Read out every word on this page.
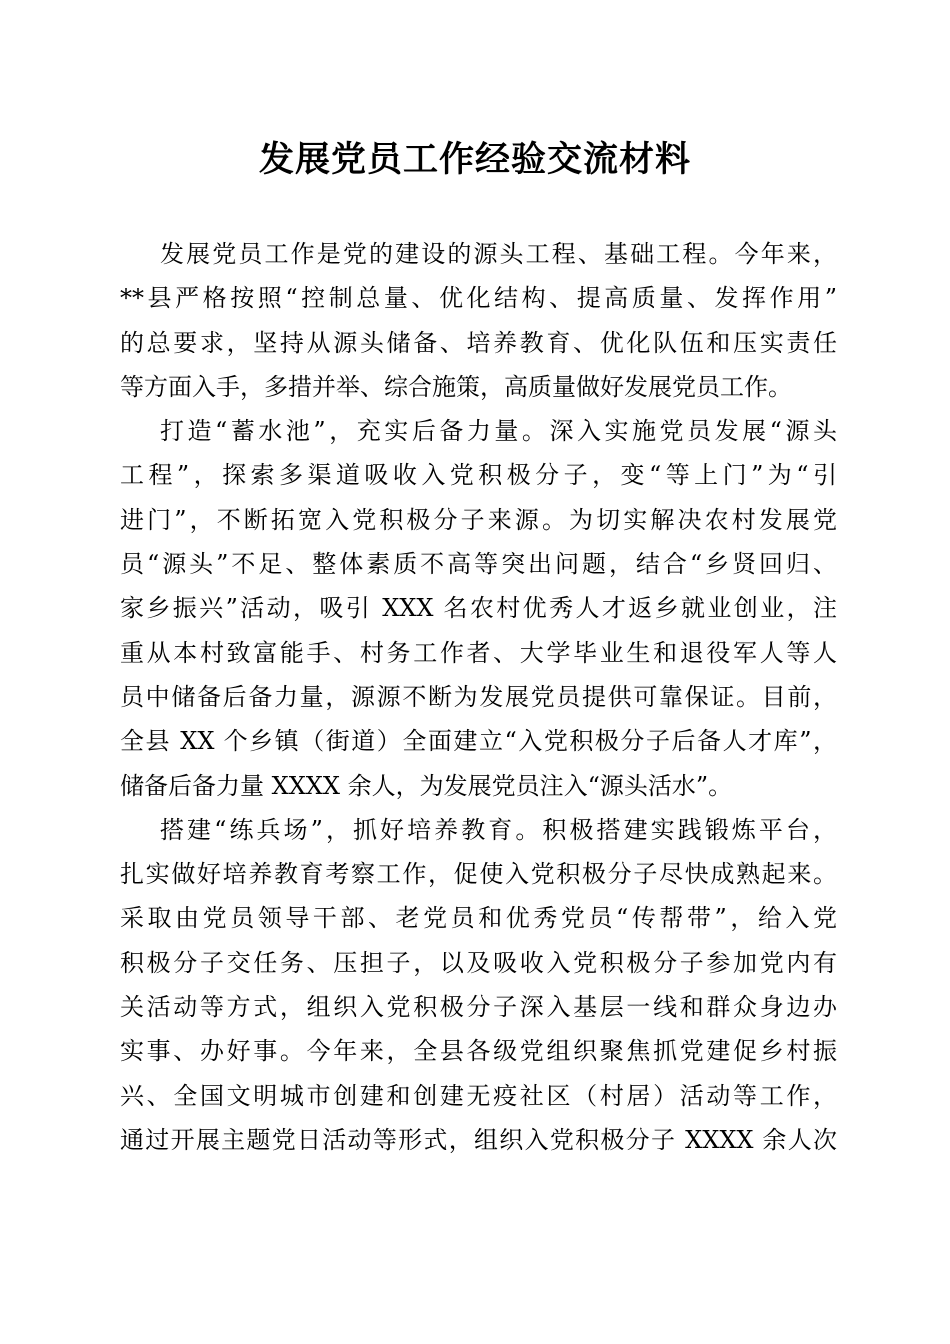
发展党员工作经验交流材料
发展党员工作是党的建设的源头工程、基础工程。今年来，
**县严格按照“控制总量、优化结构、提高质量、发挥作用”
的总要求，坚持从源头储备、培养教育、优化队伍和压实责任
等方面入手，多措并举、综合施策，高质量做好发展党员工作。
打造“蓄水池”，充实后备力量。深入实施党员发展“源头
工程”，探索多渠道吸收入党积极分子，变“等上门”为“引
进门”，不断拓宽入党积极分子来源。为切实解决农村发展党
员“源头”不足、整体素质不高等突出问题，结合“乡贤回归、
家乡振兴”活动，吸引 XXX 名农村优秀人才返乡就业创业，注
重从本村致富能手、村务工作者、大学毕业生和退役军人等人
员中储备后备力量，源源不断为发展党员提供可靠保证。目前，
全县 XX 个乡镇（街道）全面建立“入党积极分子后备人才库”，
储备后备力量 XXXX 余人，为发展党员注入“源头活水”。
搭建“练兵场”，抓好培养教育。积极搭建实践锻炼平台，
扎实做好培养教育考察工作，促使入党积极分子尽快成熟起来。
采取由党员领导干部、老党员和优秀党员“传帮带”，给入党
积极分子交任务、压担子，以及吸收入党积极分子参加党内有
关活动等方式，组织入党积极分子深入基层一线和群众身边办
实事、办好事。今年来，全县各级党组织聚焦抓党建促乡村振
兴、全国文明城市创建和创建无疫社区（村居）活动等工作，
通过开展主题党日活动等形式，组织入党积极分子 XXXX 余人次
